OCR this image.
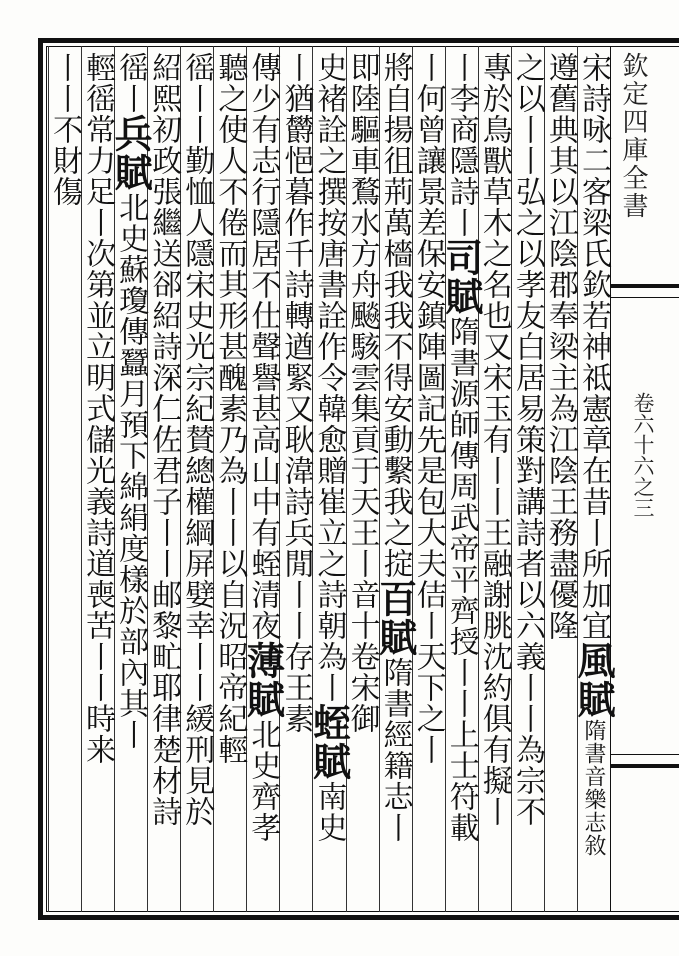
欽定四庫全書
卷六十六之三
宋詩咏二客梁氏欽若神祗憲章在昔丨所加宜風賦隋書音樂志敘
遵舊典其以江陰郡奉梁主為江陰王務盡優隆
之以丨丨弘之以孝友白居易策對講詩者以六義丨丨為宗不
專於鳥獸草木之名也又宋玉有丨丨王融謝朓沈約俱有擬丨
丨李商隱詩丨司賦隋書源師傳周武帝平齊授丨丨上士符載
丨何曾讓景差保安鎮陣圖記先是包大夫佶丨天下之丨
將自揚徂荊萬檣我我不得安動繫我之掟百賦隋書經籍志丨
即陸驅車鶩水方舟飈駭雲集貢于天王丨音十卷宋御
史褚詮之撰按唐書詮作令韓愈贈崔立之詩朝為丨蛭賦南史
丨猶欝悒暮作千詩轉遒緊又耿湋詩兵閒丨丨存王素
傳少有志行隱居不仕聲譽甚高山中有蛭清夜薄賦北史齊孝
聽之使人不倦而其形甚醜素乃為丨丨以自況昭帝紀輕
徭丨丨勤恤人隱宋史光宗紀賛總權綱屏嬖幸丨丨緩刑見於
紹熙初政張繼送郤紹詩深仁佐君子丨丨邮黎甿耶律楚材詩
徭丨兵賦北史蘇瓊傳蠶月預下綿絹度樣於部內其丨
輕徭常力足丨次第並立明式儲光義詩道喪苦丨丨時来
丨丨不財傷
